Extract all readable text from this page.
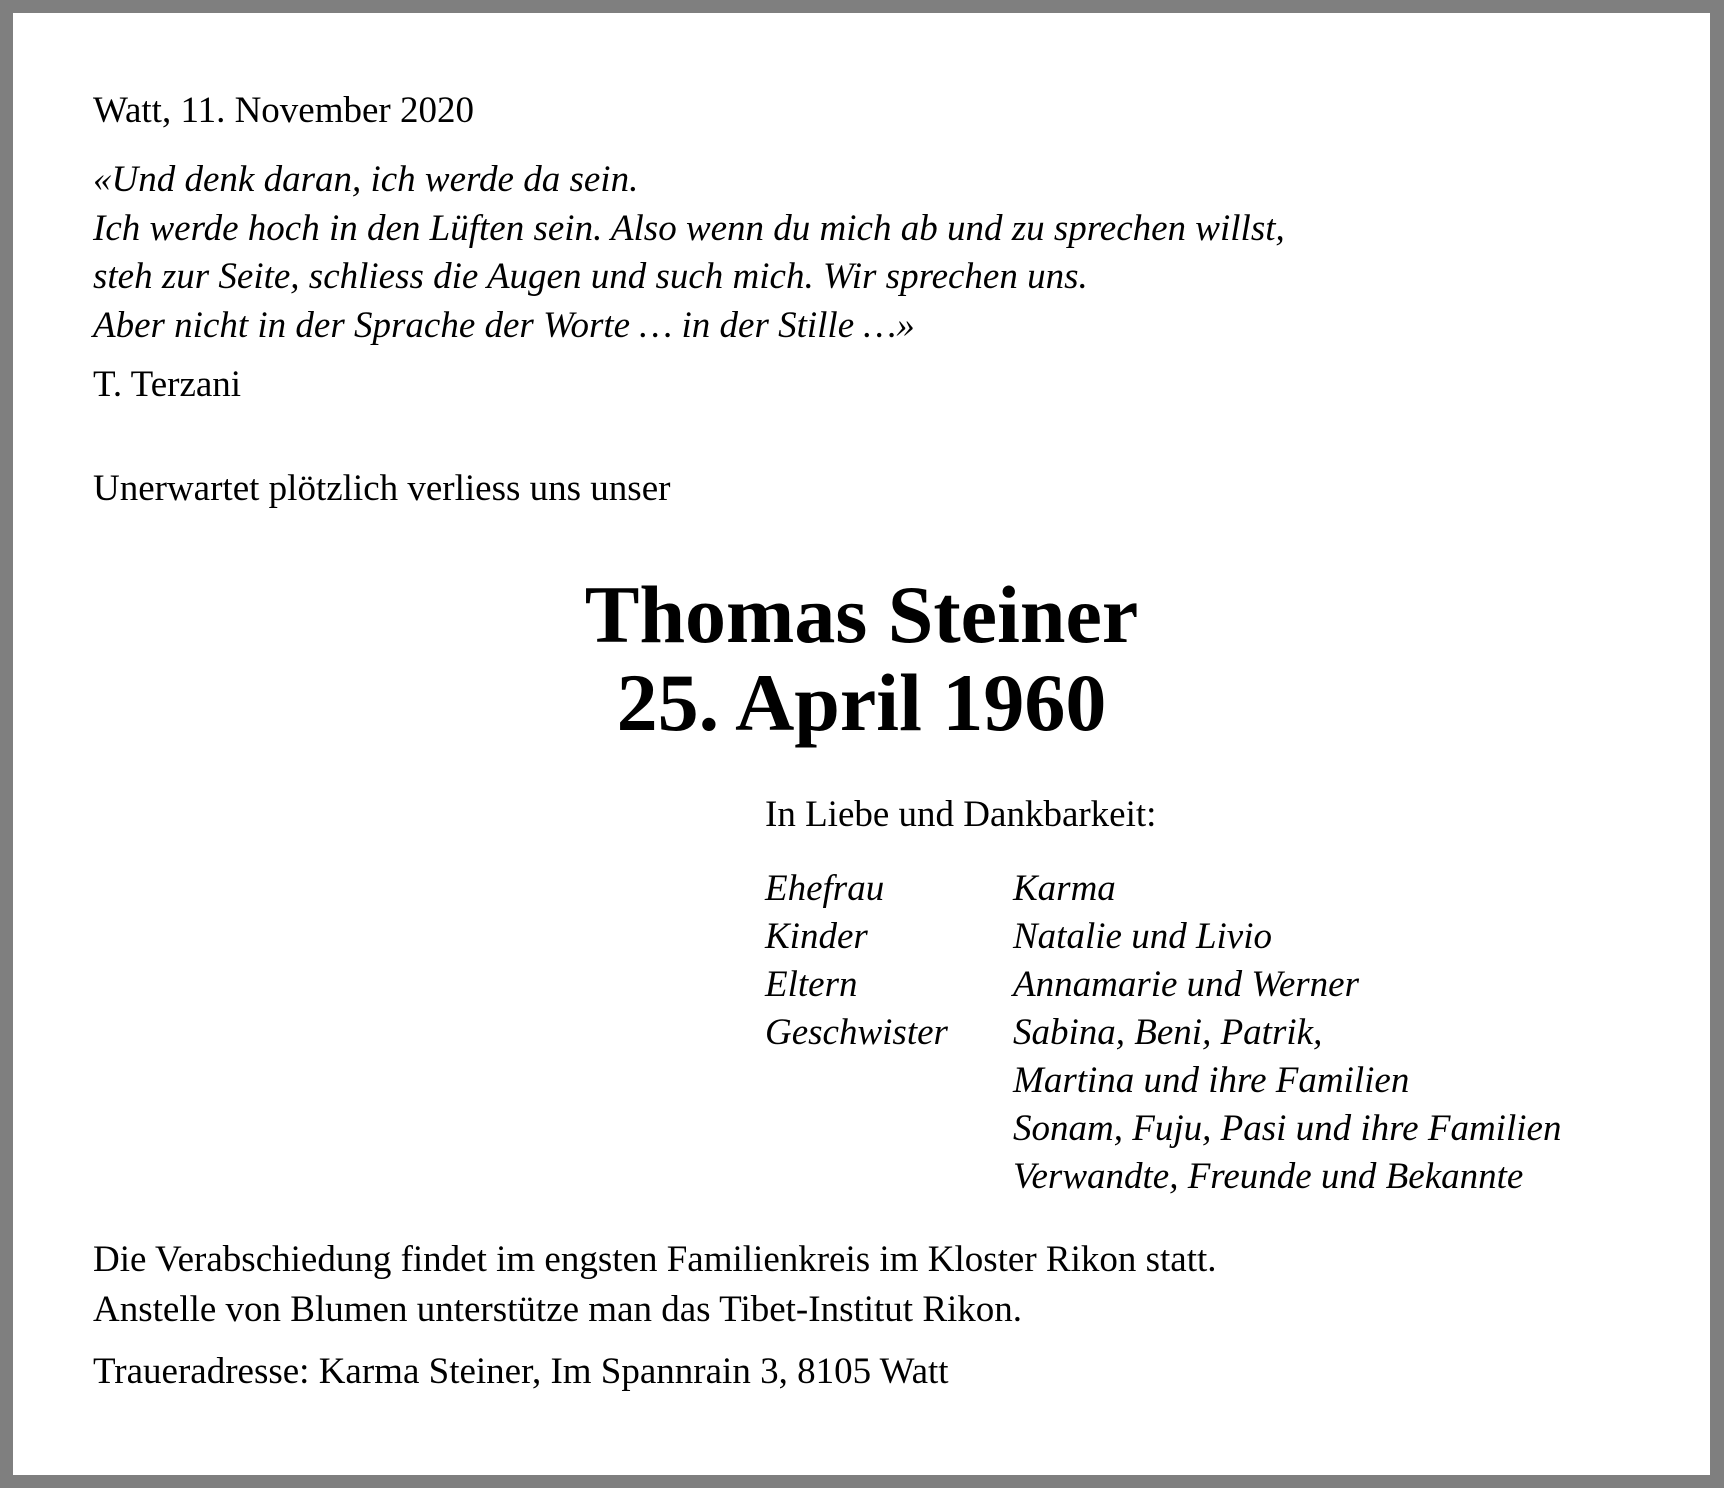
Watt, 11. November 2020
«Und denk daran, ich werde da sein.
Ich werde hoch in den Lüften sein. Also wenn du mich ab und zu sprechen willst,
steh zur Seite, schliess die Augen und such mich. Wir sprechen uns.
Aber nicht in der Sprache der Worte … in der Stille …»
T. Terzani
Unerwartet plötzlich verliess uns unser
Thomas Steiner
25. April 1960
In Liebe und Dankbarkeit:
Ehefrau	Karma
Kinder	Natalie und Livio
Eltern	Annamarie und Werner
Geschwister	Sabina, Beni, Patrik,
Martina und ihre Familien
Sonam, Fuju, Pasi und ihre Familien
Verwandte, Freunde und Bekannte
Die Verabschiedung findet im engsten Familienkreis im Kloster Rikon statt.
Anstelle von Blumen unterstütze man das Tibet-Institut Rikon.
Traueradresse: Karma Steiner, Im Spannrain 3, 8105 Watt
